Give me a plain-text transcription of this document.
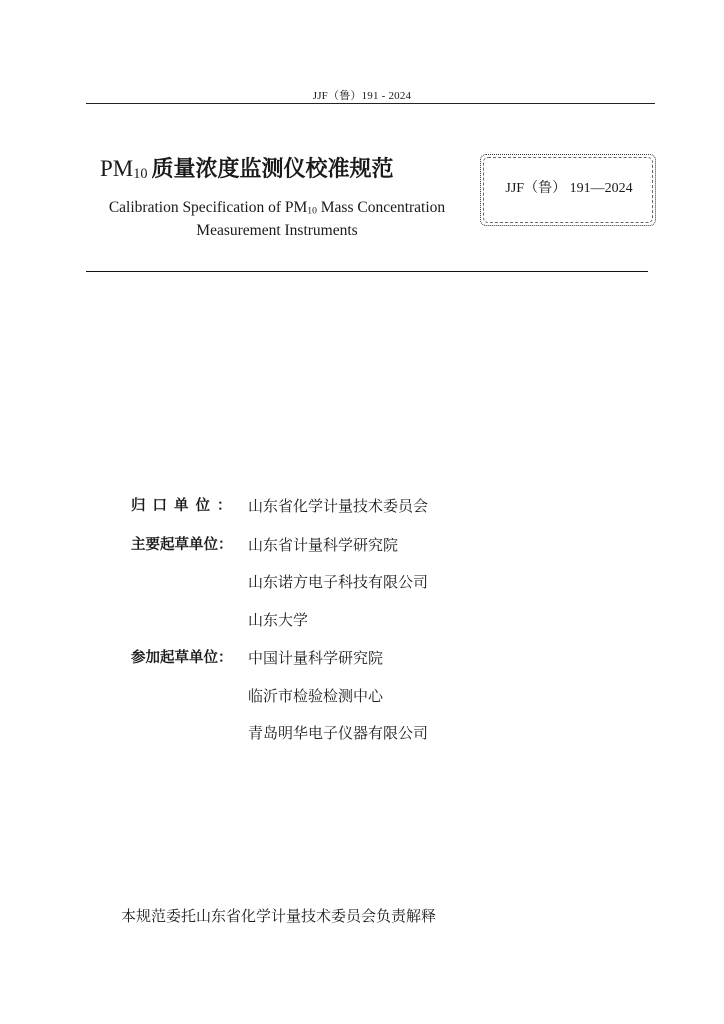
JJF（鲁）191 - 2024
$PM_{10}$ 质量浓度监测仪校准规范
Calibration Specification of $PM_{10}$ Mass Concentration
Measurement Instruments
JJF（鲁） 191—2024
归口单位： 山东省化学计量技术委员会
主要起草单位：	山东省计量科学研究院
山东诺方电子科技有限公司
山东大学
参加起草单位：	中国计量科学研究院
临沂市检验检测中心
青岛明华电子仪器有限公司
本规范委托山东省化学计量技术委员会负责解释
